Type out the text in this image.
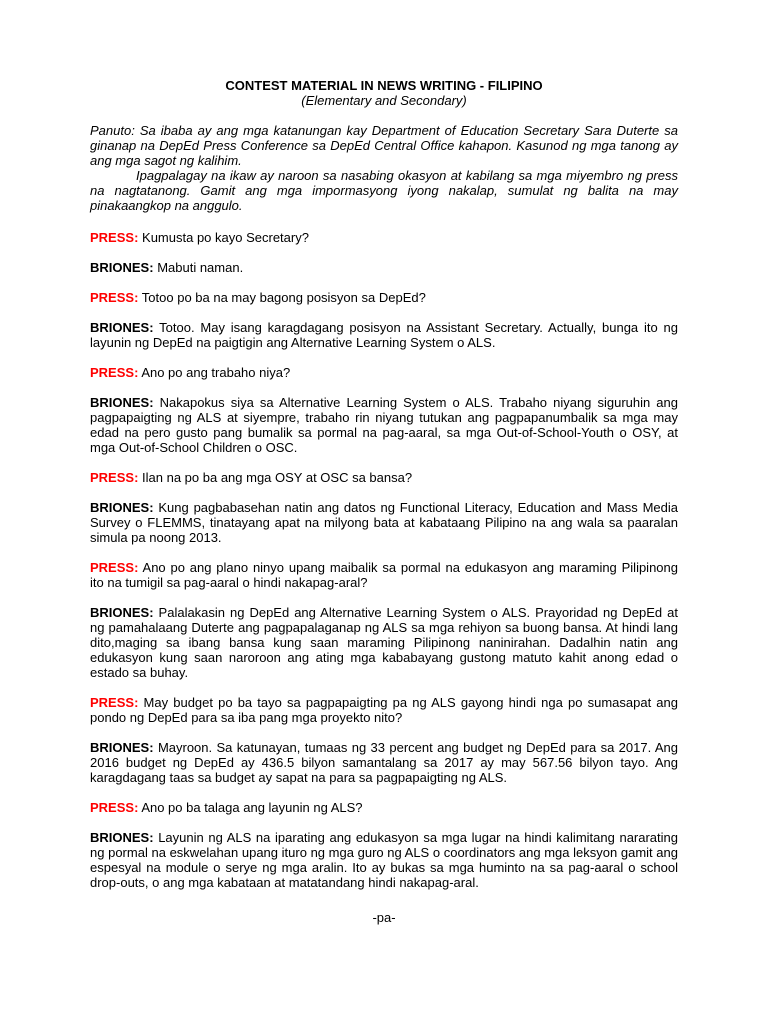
CONTEST MATERIAL IN NEWS WRITING - FILIPINO
(Elementary and Secondary)

Panuto: Sa ibaba ay ang mga katanungan kay Department of Education Secretary Sara Duterte sa ginanap na DepEd Press Conference sa DepEd Central Office kahapon. Kasunod ng mga tanong ay ang mga sagot ng kalihim.

Ipagpalagay na ikaw ay naroon sa nasabing okasyon at kabilang sa mga miyembro ng press na nagtatanong. Gamit ang mga impormasyong iyong nakalap, sumulat ng balita na may pinakaangkop na anggulo.

PRESS: Kumusta po kayo Secretary?

BRIONES: Mabuti naman.

PRESS: Totoo po ba na may bagong posisyon sa DepEd?

BRIONES: Totoo. May isang karagdagang posisyon na Assistant Secretary. Actually, bunga ito ng layunin ng DepEd na paigtigin ang Alternative Learning System o ALS.

PRESS: Ano po ang trabaho niya?

BRIONES: Nakapokus siya sa Alternative Learning System o ALS. Trabaho niyang siguruhin ang pagpapaigting ng ALS at siyempre, trabaho rin niyang tutukan ang pagpapanumbalik sa mga may edad na pero gusto pang bumalik sa pormal na pag-aaral, sa mga Out-of-School-Youth o OSY, at mga Out-of-School Children o OSC.

PRESS: Ilan na po ba ang mga OSY at OSC sa bansa?

BRIONES: Kung pagbabasehan natin ang datos ng Functional Literacy, Education and Mass Media Survey o FLEMMS, tinatayang apat na milyong bata at kabataang Pilipino na ang wala sa paaralan simula pa noong 2013.

PRESS: Ano po ang plano ninyo upang maibalik sa pormal na edukasyon ang maraming Pilipinong ito na tumigil sa pag-aaral o hindi nakapag-aral?

BRIONES: Palalakasin ng DepEd ang Alternative Learning System o ALS. Prayoridad ng DepEd at ng pamahalaang Duterte ang pagpapalaganap ng ALS sa mga rehiyon sa buong bansa. At hindi lang dito,maging sa ibang bansa kung saan maraming Pilipinong naninirahan. Dadalhin natin ang edukasyon kung saan naroroon ang ating mga kababayang gustong matuto kahit anong edad o estado sa buhay.

PRESS: May budget po ba tayo sa pagpapaigting pa ng ALS gayong hindi nga po sumasapat ang pondo ng DepEd para sa iba pang mga proyekto nito?

BRIONES: Mayroon. Sa katunayan, tumaas ng 33 percent ang budget ng DepEd para sa 2017. Ang 2016 budget ng DepEd ay 436.5 bilyon samantalang sa 2017 ay may 567.56 bilyon tayo. Ang karagdagang taas sa budget ay sapat na para sa pagpapaigting ng ALS.

PRESS: Ano po ba talaga ang layunin ng ALS?

BRIONES: Layunin ng ALS na iparating ang edukasyon sa mga lugar na hindi kalimitang nararating ng pormal na eskwelahan upang ituro ng mga guro ng ALS o coordinators ang mga leksyon gamit ang espesyal na module o serye ng mga aralin. Ito ay bukas sa mga huminto na sa pag-aaral o school drop-outs, o ang mga kabataan at matatandang hindi nakapag-aral.

-pa-
